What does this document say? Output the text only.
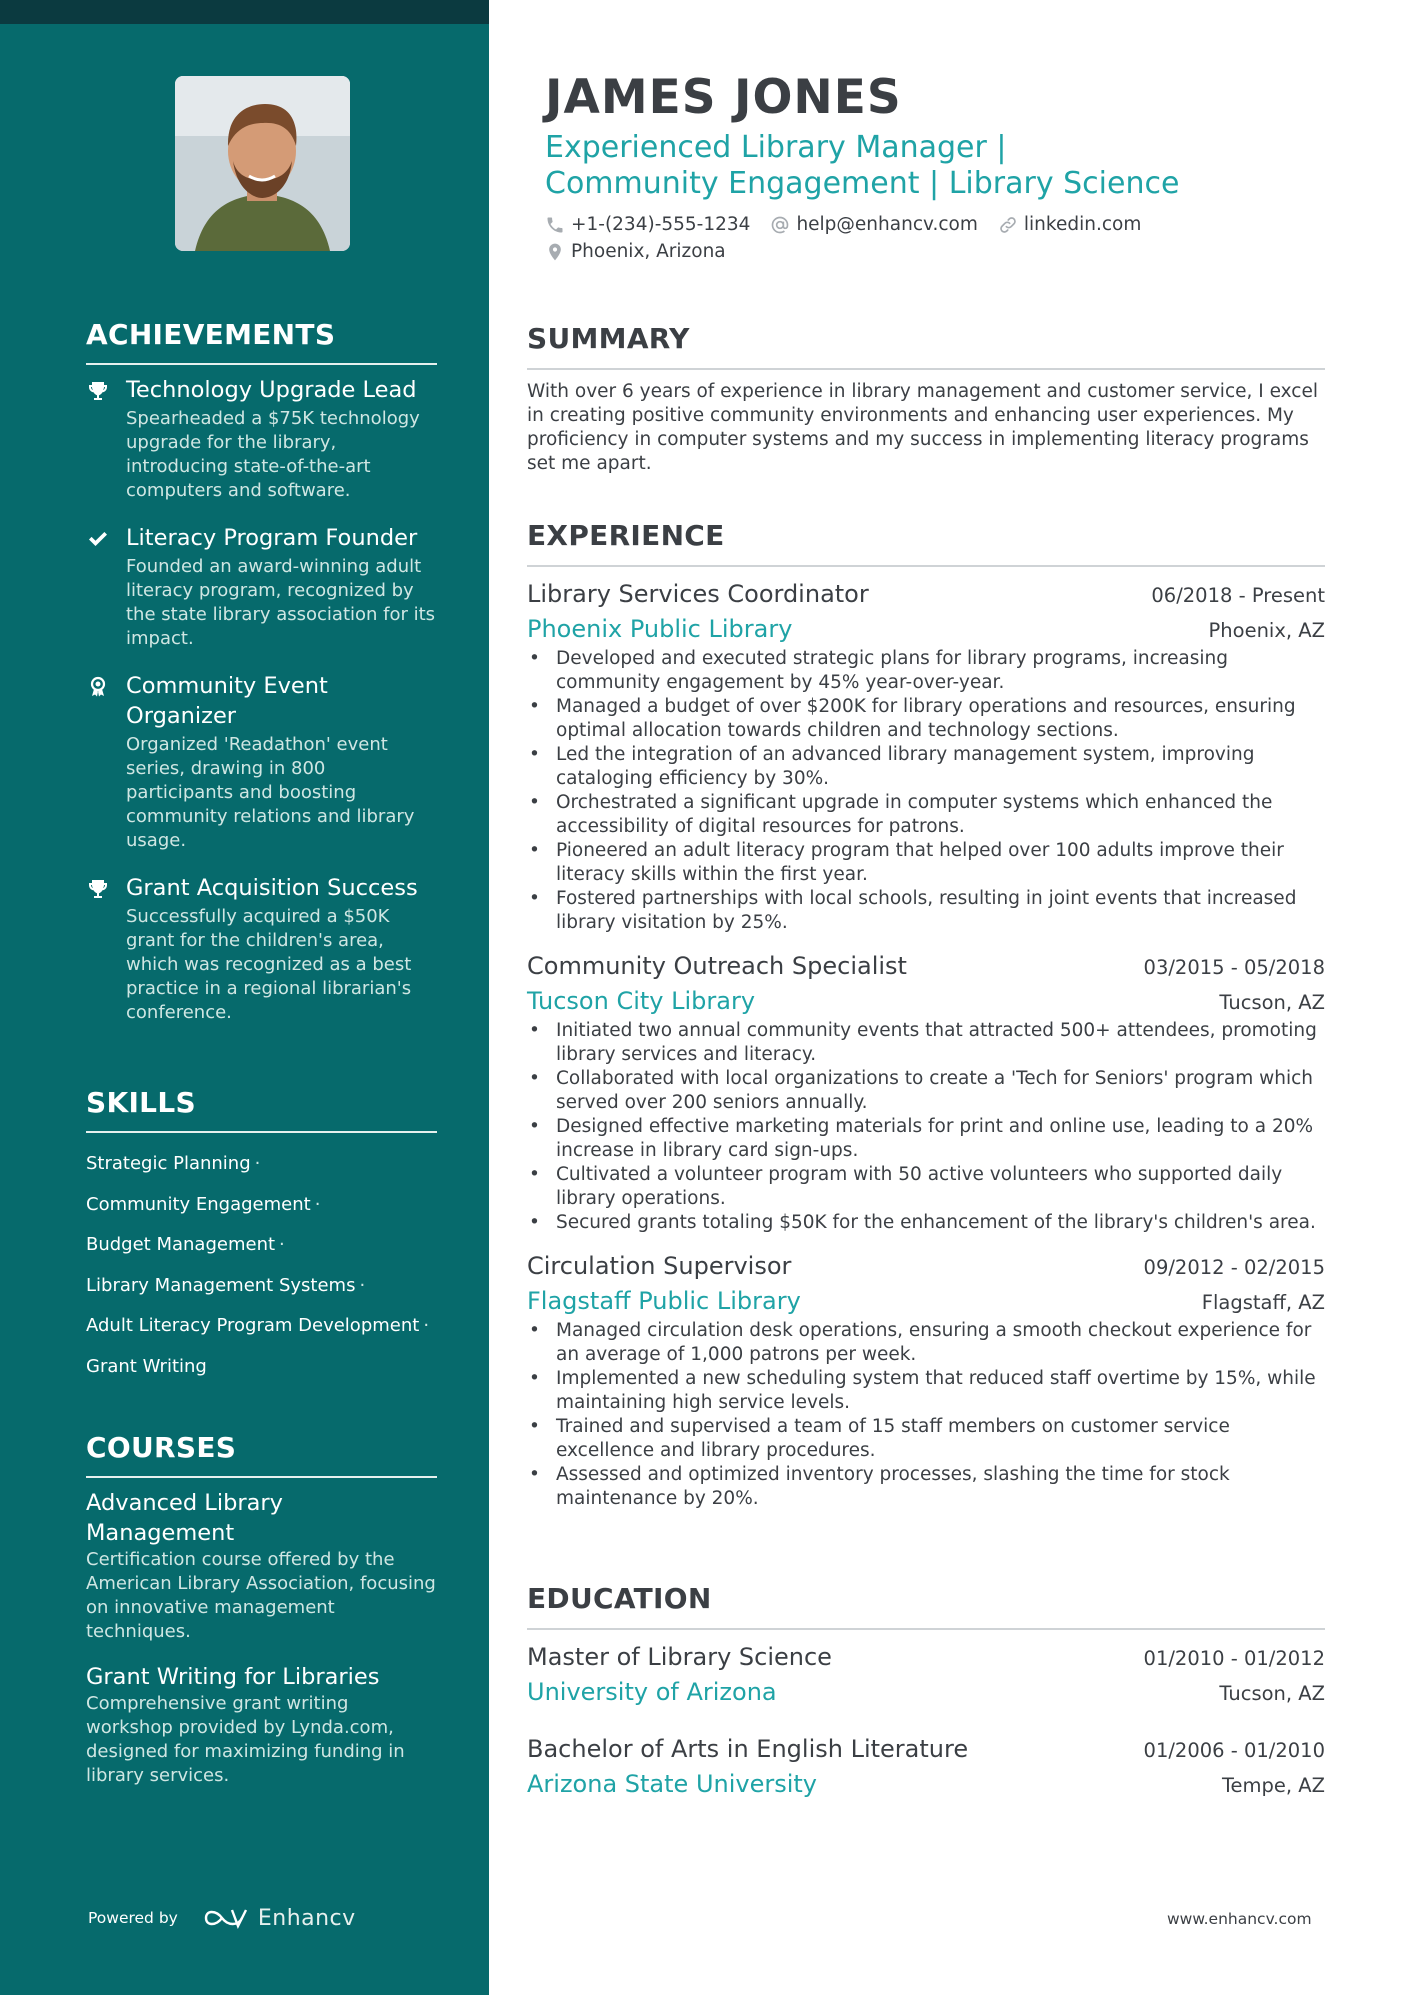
ACHIEVEMENTS
Technology Upgrade Lead
Spearheaded a $75K technology upgrade for the library, introducing state-of-the-art computers and software.
Literacy Program Founder
Founded an award-winning adult literacy program, recognized by the state library association for its impact.
Community Event Organizer
Organized 'Readathon' event series, drawing in 800 participants and boosting community relations and library usage.
Grant Acquisition Success
Successfully acquired a $50K grant for the children's area, which was recognized as a best practice in a regional librarian's conference.
SKILLS
Strategic Planning ·
Community Engagement ·
Budget Management ·
Library Management Systems ·
Adult Literacy Program Development ·
Grant Writing
COURSES
Advanced Library Management
Certification course offered by the American Library Association, focusing on innovative management techniques.
Grant Writing for Libraries
Comprehensive grant writing workshop provided by Lynda.com, designed for maximizing funding in library services.
Powered by	Enhancv
JAMES JONES
Experienced Library Manager | Community Engagement | Library Science
+1-(234)-555-1234 help@enhancv.com linkedin.com
Phoenix, Arizona
SUMMARY

With over 6 years of experience in library management and customer service, I excel in creating positive community environments and enhancing user experiences. My proficiency in computer systems and my success in implementing literacy programs set me apart.

EXPERIENCE
Library Services Coordinator	06/2018 - Present
Phoenix Public Library	Phoenix, AZ
• Developed and executed strategic plans for library programs, increasing community engagement by 45% year-over-year.
• Managed a budget of over $200K for library operations and resources, ensuring optimal allocation towards children and technology sections.
• Led the integration of an advanced library management system, improving cataloging efficiency by 30%.
• Orchestrated a significant upgrade in computer systems which enhanced the accessibility of digital resources for patrons.
• Pioneered an adult literacy program that helped over 100 adults improve their literacy skills within the first year.
• Fostered partnerships with local schools, resulting in joint events that increased library visitation by 25%.
Community Outreach Specialist	03/2015 - 05/2018
Tucson City Library	Tucson, AZ
• Initiated two annual community events that attracted 500+ attendees, promoting library services and literacy.
• Collaborated with local organizations to create a 'Tech for Seniors' program which served over 200 seniors annually.
• Designed effective marketing materials for print and online use, leading to a 20% increase in library card sign-ups.
• Cultivated a volunteer program with 50 active volunteers who supported daily library operations.
• Secured grants totaling $50K for the enhancement of the library's children's area.
Circulation Supervisor	09/2012 - 02/2015
Flagstaff Public Library	Flagstaff, AZ
• Managed circulation desk operations, ensuring a smooth checkout experience for an average of 1,000 patrons per week.
• Implemented a new scheduling system that reduced staff overtime by 15%, while maintaining high service levels.
• Trained and supervised a team of 15 staff members on customer service excellence and library procedures.
• Assessed and optimized inventory processes, slashing the time for stock maintenance by 20%.
EDUCATION
Master of Library Science	01/2010 - 01/2012
University of Arizona	Tucson, AZ
Bachelor of Arts in English Literature	01/2006 - 01/2010
Arizona State University	Tempe, AZ
www.enhancv.com
